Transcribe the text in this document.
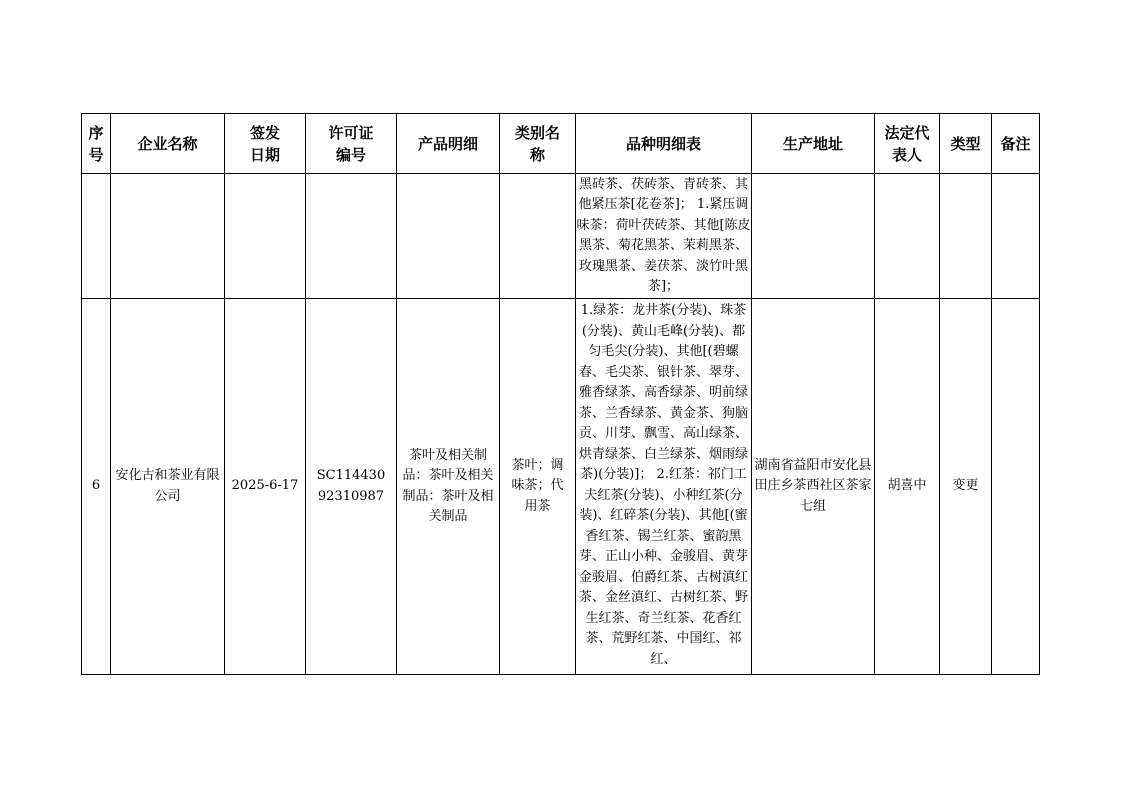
序号	企业名称	签发日期	许可证编号	产品明细	类别名称	品种明细表	生产地址	法定代表人	类型	备注
						黑砖茶、茯砖茶、青砖茶、其他紧压茶[花卷茶]； 1.紧压调味茶：荷叶茯砖茶、其他[陈皮黑茶、菊花黑茶、茉莉黑茶、玫瑰黑茶、姜茯茶、淡竹叶黑茶]；				
6	安化古和茶业有限公司	2025-6-17	SC11443092310987	茶叶及相关制品：茶叶及相关制品：茶叶及相关制品	茶叶；调味茶；代用茶	1.绿茶：龙井茶(分装)、珠茶(分装)、黄山毛峰(分装)、都匀毛尖(分装)、其他[(碧螺春、毛尖茶、银针茶、翠芽、雅香绿茶、高香绿茶、明前绿茶、兰香绿茶、黄金茶、狗脑贡、川芽、飘雪、高山绿茶、烘青绿茶、白兰绿茶、烟雨绿茶)(分装)]； 2.红茶：祁门工夫红茶(分装)、小种红茶(分装)、红碎茶(分装)、其他[(蜜香红茶、锡兰红茶、蜜韵黑芽、正山小种、金骏眉、黄芽金骏眉、伯爵红茶、古树滇红茶、金丝滇红、古树红茶、野生红茶、奇兰红茶、花香红茶、荒野红茶、中国红、祁红、	湖南省益阳市安化县田庄乡茶西社区茶家七组	胡喜中	变更	
